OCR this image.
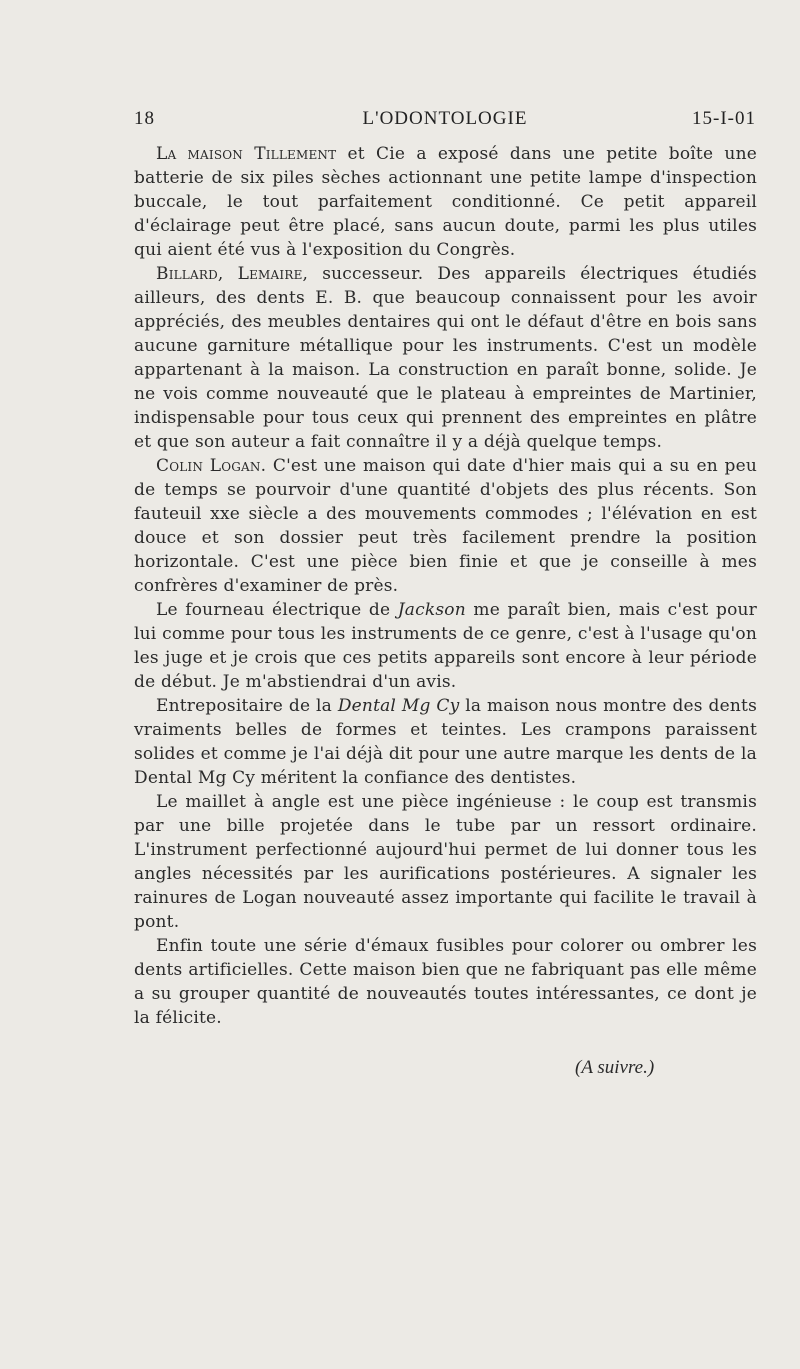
18	L'ODONTOLOGIE	15-I-01

La maison Tillement et Cie a exposé dans une petite boîte une batterie de six piles sèches actionnant une petite lampe d'inspection buccale, le tout parfaitement conditionné. Ce petit appareil d'éclairage peut être placé, sans aucun doute, parmi les plus utiles qui aient été vus à l'exposition du Congrès.

Billard, Lemaire, successeur. Des appareils électriques étudiés ailleurs, des dents E. B. que beaucoup connaissent pour les avoir appréciés, des meubles dentaires qui ont le défaut d'être en bois sans aucune garniture métallique pour les instruments. C'est un modèle appartenant à la maison. La construction en paraît bonne, solide. Je ne vois comme nouveauté que le plateau à empreintes de Martinier, indispensable pour tous ceux qui prennent des empreintes en plâtre et que son auteur a fait connaître il y a déjà quelque temps.

Colin Logan. C'est une maison qui date d'hier mais qui a su en peu de temps se pourvoir d'une quantité d'objets des plus récents. Son fauteuil xxe siècle a des mouvements commodes ; l'élévation en est douce et son dossier peut très facilement prendre la position horizontale. C'est une pièce bien finie et que je conseille à mes confrères d'examiner de près.

Le fourneau électrique de Jackson me paraît bien, mais c'est pour lui comme pour tous les instruments de ce genre, c'est à l'usage qu'on les juge et je crois que ces petits appareils sont encore à leur période de début. Je m'abstiendrai d'un avis.

Entrepositaire de la Dental Mg Cy la maison nous montre des dents vraiments belles de formes et teintes. Les crampons paraissent solides et comme je l'ai déjà dit pour une autre marque les dents de la Dental Mg Cy méritent la confiance des dentistes.

Le maillet à angle est une pièce ingénieuse : le coup est transmis par une bille projetée dans le tube par un ressort ordinaire. L'instrument perfectionné aujourd'hui permet de lui donner tous les angles nécessités par les aurifications postérieures. A signaler les rainures de Logan nouveauté assez importante qui facilite le travail à pont.

Enfin toute une série d'émaux fusibles pour colorer ou ombrer les dents artificielles. Cette maison bien que ne fabriquant pas elle même a su grouper quantité de nouveautés toutes intéressantes, ce dont je la félicite.

(A suivre.)
